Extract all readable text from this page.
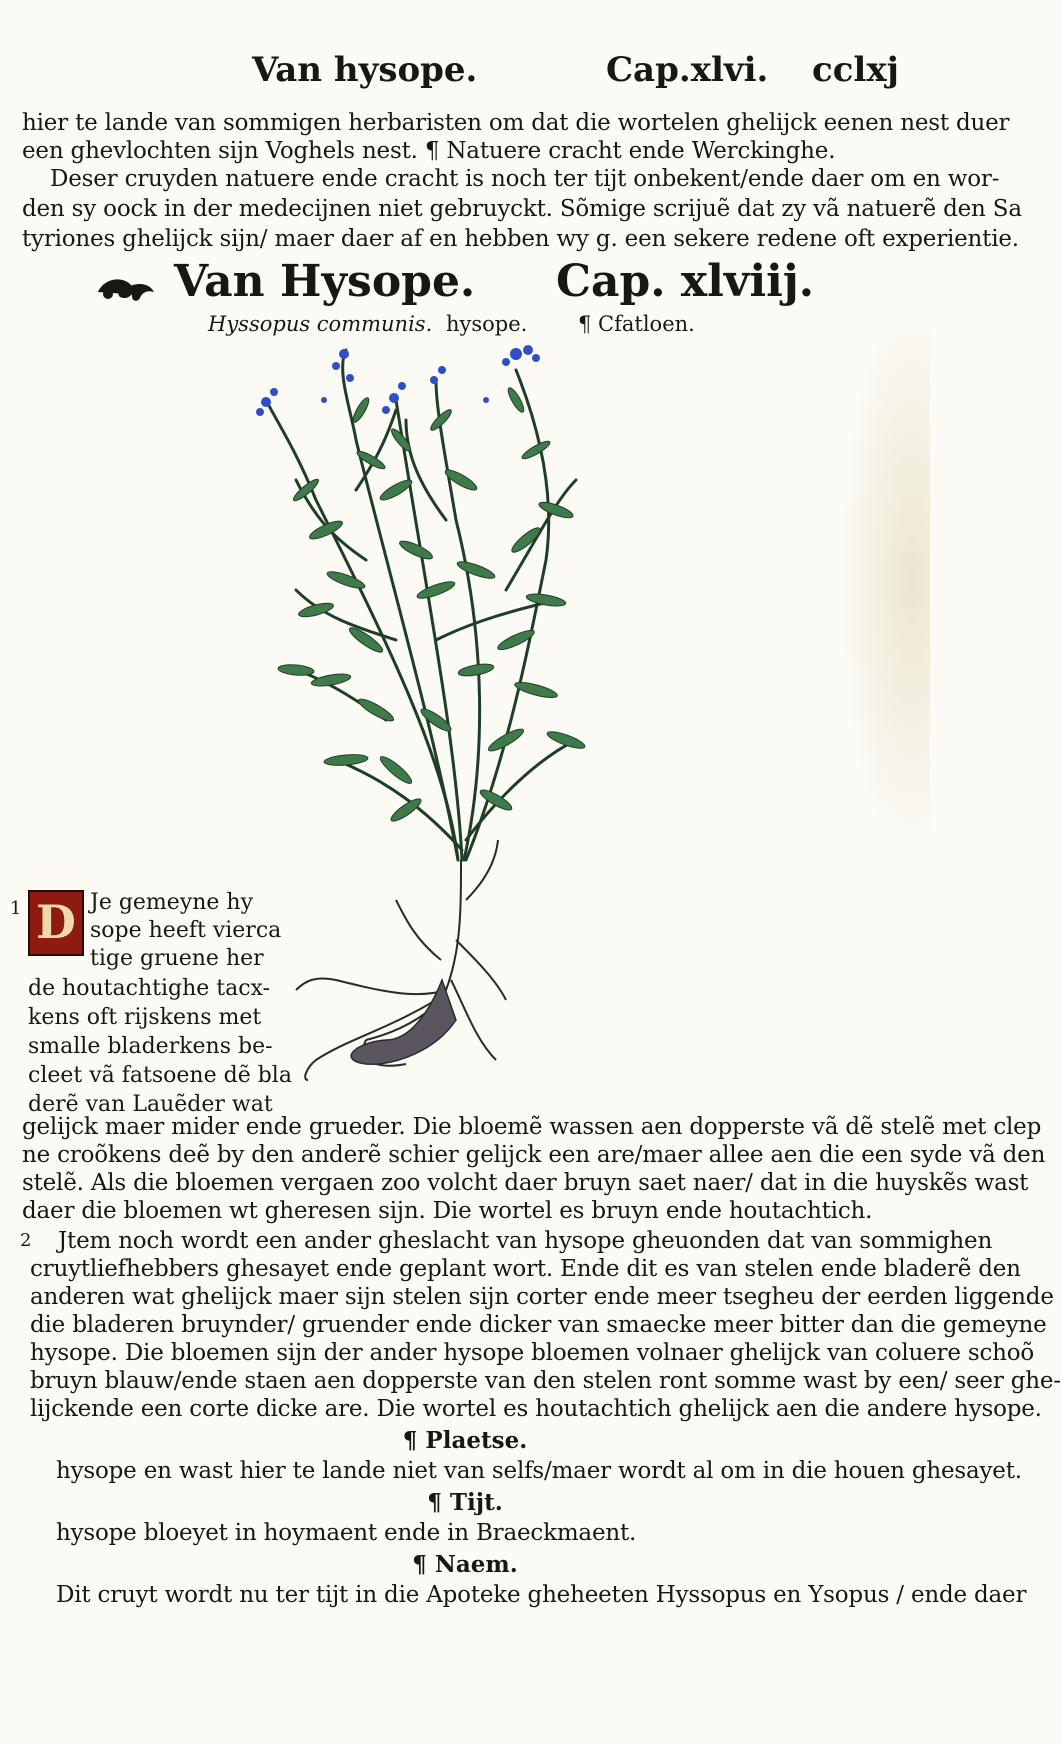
Van hysope.	Cap.xlvi. cclxj
hier te lande van sommigen herbaristen om dat die wortelen ghelijck eenen nest duer
een ghevlochten sijn Voghels nest. ¶ Natuere cracht ende Werckinghe.
Deser cruyden natuere ende cracht is noch ter tijt onbekent/ende daer om en wor-
den sy oock in der medecijnen niet gebruyckt. Sõmige scrijuẽ dat zy vã natuerẽ den Sa
tyriones ghelijck sijn/ maer daer af en hebben wy g. een sekere redene oft experientie.
Van Hysope. Cap. xlviij.
Hyssopus communis. hysope. ¶ Cfatloen.
1 D Je gemeyne hy
sope heeft vierca
tige gruene her
de houtachtighe tacx-
kens oft rijskens met
smalle bladerkens be-
cleet vã fatsoene dẽ bla
derẽ van Lauẽder wat
gelijck maer mider ende grueder. Die bloemẽ wassen aen dopperste vã dẽ stelẽ met clep
ne croõkens deẽ by den anderẽ schier gelijck een are/maer allee aen die een syde vã den
stelẽ. Als die bloemen vergaen zoo volcht daer bruyn saet naer/ dat in die huyskẽs wast
daer die bloemen wt gheresen sijn. Die wortel es bruyn ende houtachtich.
2 Jtem noch wordt een ander gheslacht van hysope gheuonden dat van sommighen
cruytliefhebbers ghesayet ende geplant wort. Ende dit es van stelen ende bladerẽ den
anderen wat ghelijck maer sijn stelen sijn corter ende meer tsegheu der eerden liggende
die bladeren bruynder/ gruender ende dicker van smaecke meer bitter dan die gemeyne
hysope. Die bloemen sijn der ander hysope bloemen volnaer ghelijck van coluere schoõ
bruyn blauw/ende staen aen dopperste van den stelen ront somme wast by een/ seer ghe-
lijckende een corte dicke are. Die wortel es houtachtich ghelijck aen die andere hysope.
¶ Plaetse.
hysope en wast hier te lande niet van selfs/maer wordt al om in die houen ghesayet.
¶ Tijt.
hysope bloeyet in hoymaent ende in Braeckmaent.
¶ Naem.
Dit cruyt wordt nu ter tijt in die Apoteke gheheeten Hyssopus en Ysopus / ende daer
